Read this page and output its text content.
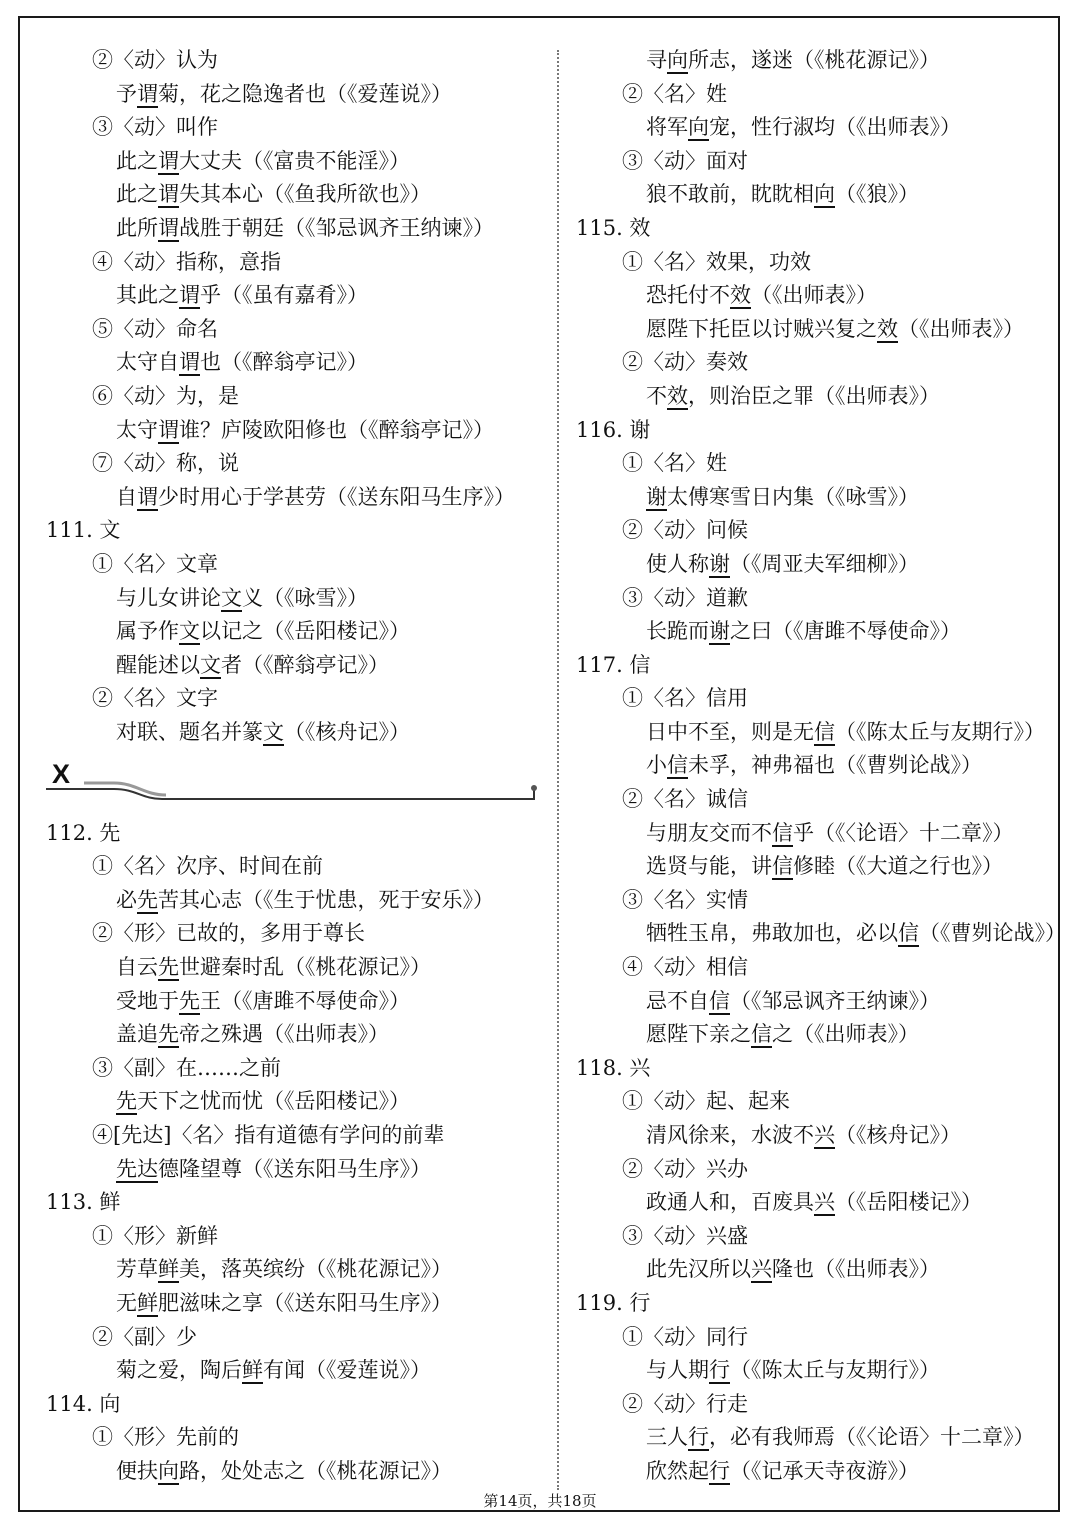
②〈动〉认为
予谓菊，花之隐逸者也（《爱莲说》）
③〈动〉叫作
此之谓大丈夫（《富贵不能淫》）
此之谓失其本心（《鱼我所欲也》）
此所谓战胜于朝廷（《邹忌讽齐王纳谏》）
④〈动〉指称，意指
其此之谓乎（《虽有嘉肴》）
⑤〈动〉命名
太守自谓也（《醉翁亭记》）
⑥〈动〉为，是
太守谓谁？庐陵欧阳修也（《醉翁亭记》）
⑦〈动〉称，说
自谓少时用心于学甚劳（《送东阳马生序》）
111. 文
①〈名〉文章
与儿女讲论文义（《咏雪》）
属予作文以记之（《岳阳楼记》）
醒能述以文者（《醉翁亭记》）
②〈名〉文字
对联、题名并篆文（《核舟记》）
112. 先
①〈名〉次序、时间在前
必先苦其心志（《生于忧患，死于安乐》）
②〈形〉已故的，多用于尊长
自云先世避秦时乱（《桃花源记》）
受地于先王（《唐雎不辱使命》）
盖追先帝之殊遇（《出师表》）
③〈副〉在……之前
先天下之忧而忧（《岳阳楼记》）
④[先达]〈名〉指有道德有学问的前辈
先达德隆望尊（《送东阳马生序》）
113. 鲜
①〈形〉新鲜
芳草鲜美，落英缤纷（《桃花源记》）
无鲜肥滋味之享（《送东阳马生序》）
②〈副〉少
菊之爱，陶后鲜有闻（《爱莲说》）
114. 向
①〈形〉先前的
便扶向路，处处志之（《桃花源记》）
寻向所志，遂迷（《桃花源记》）
②〈名〉姓
将军向宠，性行淑均（《出师表》）
③〈动〉面对
狼不敢前，眈眈相向（《狼》）
115. 效
①〈名〉效果，功效
恐托付不效（《出师表》）
愿陛下托臣以讨贼兴复之效（《出师表》）
②〈动〉奏效
不效，则治臣之罪（《出师表》）
116. 谢
①〈名〉姓
谢太傅寒雪日内集（《咏雪》）
②〈动〉问候
使人称谢（《周亚夫军细柳》）
③〈动〉道歉
长跪而谢之曰（《唐雎不辱使命》）
117. 信
①〈名〉信用
日中不至，则是无信（《陈太丘与友期行》）
小信未孚，神弗福也（《曹刿论战》）
②〈名〉诚信
与朋友交而不信乎（《〈论语〉十二章》）
选贤与能，讲信修睦（《大道之行也》）
③〈名〉实情
牺牲玉帛，弗敢加也，必以信（《曹刿论战》）
④〈动〉相信
忌不自信（《邹忌讽齐王纳谏》）
愿陛下亲之信之（《出师表》）
118. 兴
①〈动〉起、起来
清风徐来，水波不兴（《核舟记》）
②〈动〉兴办
政通人和，百废具兴（《岳阳楼记》）
③〈动〉兴盛
此先汉所以兴隆也（《出师表》）
119. 行
①〈动〉同行
与人期行（《陈太丘与友期行》）
②〈动〉行走
三人行，必有我师焉（《〈论语〉十二章》）
欣然起行（《记承天寺夜游》）
X
第14页，共18页
